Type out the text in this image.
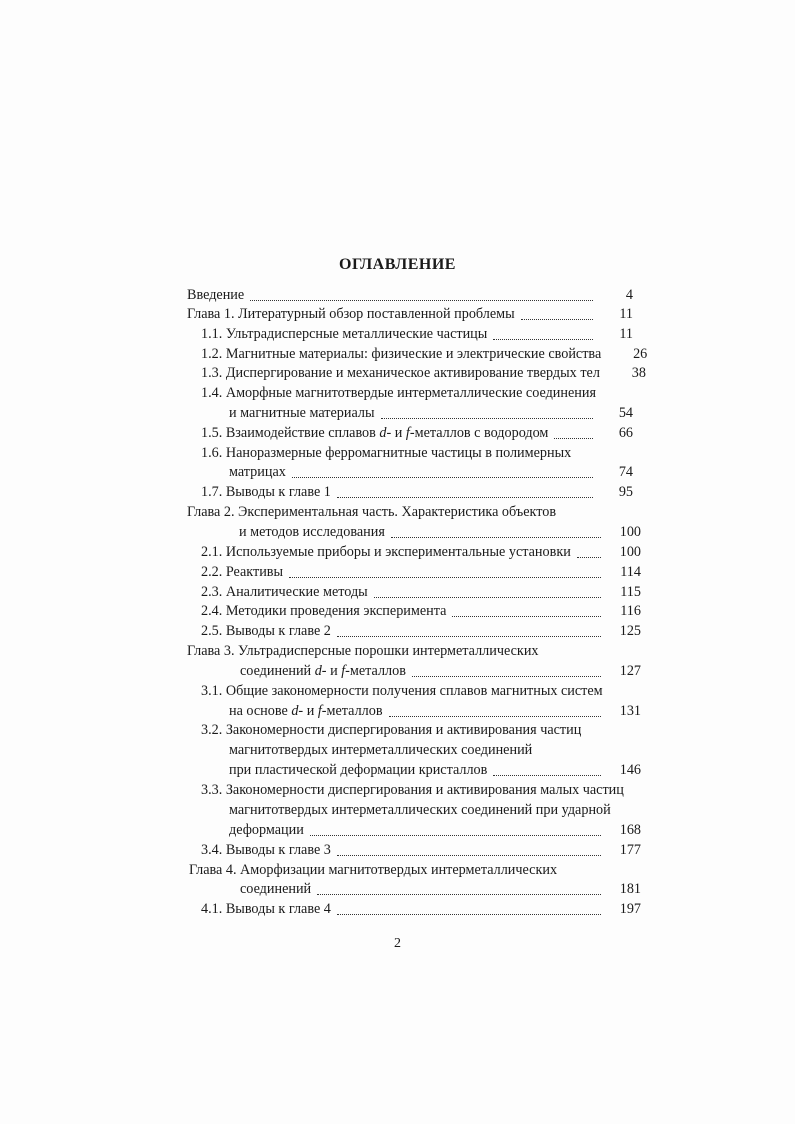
ОГЛАВЛЕНИЕ
Введение	4
Глава 1. Литературный обзор поставленной проблемы	11
1.1. Ультрадисперсные металлические частицы	11
1.2. Магнитные материалы: физические и электрические свойства	26
1.3. Диспергирование и механическое активирование твердых тел	38
1.4. Аморфные магнитотвердые интерметаллические соединения
и магнитные материалы	54
1.5. Взаимодействие сплавов d- и f-металлов с водородом	66
1.6. Наноразмерные ферромагнитные частицы в полимерных
матрицах	74
1.7. Выводы к главе 1	95
Глава 2. Экспериментальная часть. Характеристика объектов
и методов исследования	100
2.1. Используемые приборы и экспериментальные установки	100
2.2. Реактивы	114
2.3. Аналитические методы	115
2.4. Методики проведения эксперимента	116
2.5. Выводы к главе 2	125
Глава 3. Ультрадисперсные порошки интерметаллических
соединений d- и f-металлов	127
3.1. Общие закономерности получения сплавов магнитных систем
на основе d- и f-металлов	131
3.2. Закономерности диспергирования и активирования частиц
магнитотвердых интерметаллических соединений
при пластической деформации кристаллов	146
3.3. Закономерности диспергирования и активирования малых частиц
магнитотвердых интерметаллических соединений при ударной
деформации	168
3.4. Выводы к главе 3	177
Глава 4. Аморфизации магнитотвердых интерметаллических
соединений	181
4.1. Выводы к главе 4	197
2
